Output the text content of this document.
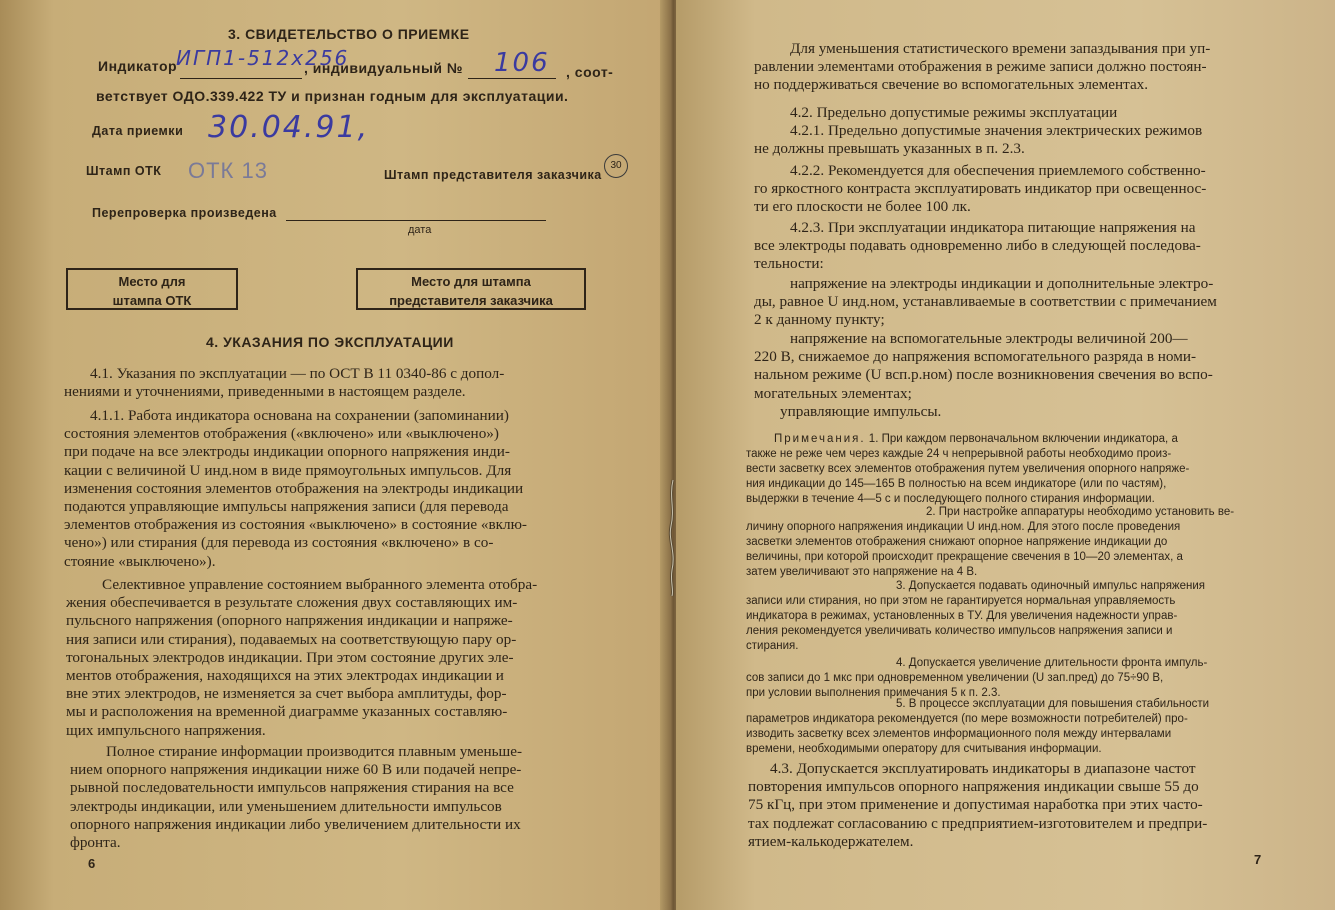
3. СВИДЕТЕЛЬСТВО О ПРИЕМКЕ
Индикатор
ИГП1-512х256
, индивидуальный № 106 , соот-
ветствует ОДО.339.422 ТУ и признан годным для эксплуатации.
Дата приемки 30.04.91,
Штамп ОТК ОТК 13	Штамп представителя заказчика
30
Перепроверка произведена
дата
Место для
штампа ОТК
Место для штампа
представителя заказчика
4. УКАЗАНИЯ ПО ЭКСПЛУАТАЦИИ
4.1. Указания по эксплуатации — по ОСТ В 11 0340-86 с допол-
нениями и уточнениями, приведенными в настоящем разделе.
4.1.1. Работа индикатора основана на сохранении (запоминании)
состояния элементов отображения («включено» или «выключено»)
при подаче на все электроды индикации опорного напряжения инди-
кации с величиной U инд.ном в виде прямоугольных импульсов. Для
изменения состояния элементов отображения на электроды индикации
подаются управляющие импульсы напряжения записи (для перевода
элементов отображения из состояния «выключено» в состояние «вклю-
чено») или стирания (для перевода из состояния «включено» в со-
стояние «выключено»).
Селективное управление состоянием выбранного элемента отобра-
жения обеспечивается в результате сложения двух составляющих им-
пульсного напряжения (опорного напряжения индикации и напряже-
ния записи или стирания), подаваемых на соответствующую пару ор-
тогональных электродов индикации. При этом состояние других эле-
ментов отображения, находящихся на этих электродах индикации и
вне этих электродов, не изменяется за счет выбора амплитуды, фор-
мы и расположения на временной диаграмме указанных составляю-
щих импульсного напряжения.
Полное стирание информации производится плавным уменьше-
нием опорного напряжения индикации ниже 60 В или подачей непре-
рывной последовательности импульсов напряжения стирания на все
электроды индикации, или уменьшением длительности импульсов
опорного напряжения индикации либо увеличением длительности их
фронта.
6
Для уменьшения статистического времени запаздывания при уп-
равлении элементами отображения в режиме записи должно постоян-
но поддерживаться свечение во вспомогательных элементах.
4.2. Предельно допустимые режимы эксплуатации
4.2.1. Предельно допустимые значения электрических режимов
не должны превышать указанных в п. 2.3.
4.2.2. Рекомендуется для обеспечения приемлемого собственно-
го яркостного контраста эксплуатировать индикатор при освещеннос-
ти его плоскости не более 100 лк.
4.2.3. При эксплуатации индикатора питающие напряжения на
все электроды подавать одновременно либо в следующей последова-
тельности:
напряжение на электроды индикации и дополнительные электро-
ды, равное U инд.ном, устанавливаемые в соответствии с примечанием
2 к данному пункту;
напряжение на вспомогательные электроды величиной 200—
220 В, снижаемое до напряжения вспомогательного разряда в номи-
нальном режиме (U всп.р.ном) после возникновения свечения во вспо-
могательных элементах;
управляющие импульсы.
Примечания. 1. При каждом первоначальном включении индикатора, а
также не реже чем через каждые 24 ч непрерывной работы необходимо произ-
вести засветку всех элементов отображения путем увеличения опорного напряже-
ния индикации до 145—165 В полностью на всем индикаторе (или по частям),
выдержки в течение 4—5 с и последующего полного стирания информации.
2. При настройке аппаратуры необходимо установить ве-
личину опорного напряжения индикации U инд.ном. Для этого после проведения
засветки элементов отображения снижают опорное напряжение индикации до
величины, при которой происходит прекращение свечения в 10—20 элементах, а
затем увеличивают это напряжение на 4 В.
3. Допускается подавать одиночный импульс напряжения
записи или стирания, но при этом не гарантируется нормальная управляемость
индикатора в режимах, установленных в ТУ. Для увеличения надежности управ-
ления рекомендуется увеличивать количество импульсов напряжения записи и
стирания.
4. Допускается увеличение длительности фронта импуль-
сов записи до 1 мкс при одновременном увеличении (U зап.пред) до 75÷90 В,
при условии выполнения примечания 5 к п. 2.3.
5. В процессе эксплуатации для повышения стабильности
параметров индикатора рекомендуется (по мере возможности потребителей) про-
изводить засветку всех элементов информационного поля между интервалами
времени, необходимыми оператору для считывания информации.
4.3. Допускается эксплуатировать индикаторы в диапазоне частот
повторения импульсов опорного напряжения индикации свыше 55 до
75 кГц, при этом применение и допустимая наработка при этих часто-
тах подлежат согласованию с предприятием-изготовителем и предпри-
ятием-калькодержателем.
7
